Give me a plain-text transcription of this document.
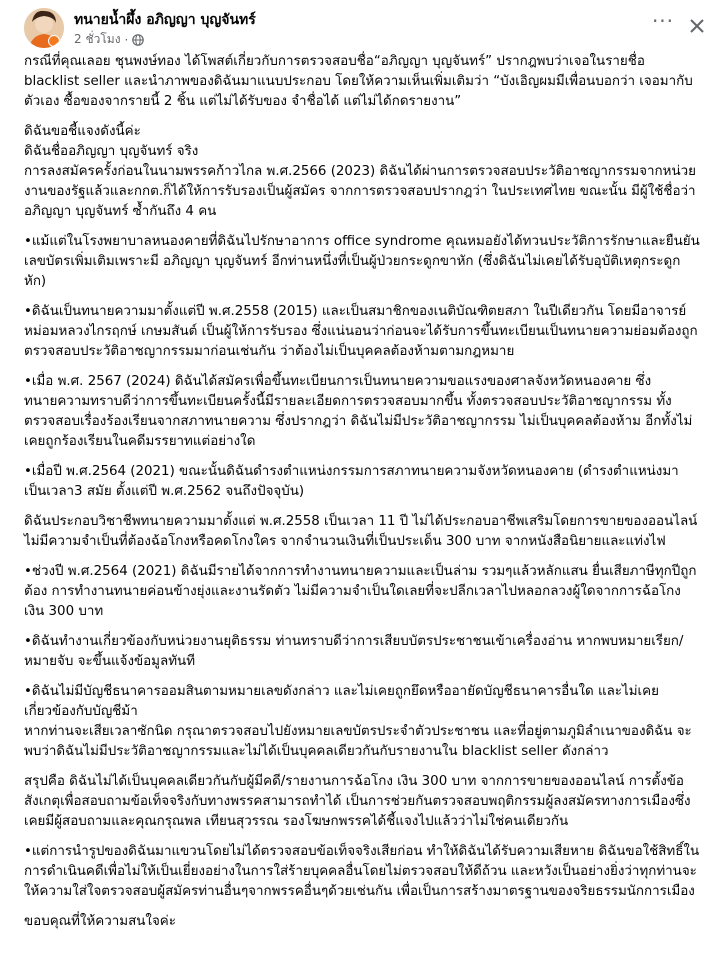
ทนายน้ำผึ้ง อภิญญา บุญจันทร์
2 ชั่วโมง ·
···

กรณีที่คุณเลอย ชุนพงษ์ทอง ได้โพสต์เกี่ยวกับการตรวจสอบชื่อ“อภิญญา บุญจันทร์” ปรากฎพบว่าเจอในรายชื่อ blacklist seller และนำภาพของดิฉันมาแนบประกอบ โดยให้ความเห็นเพิ่มเติมว่า “บังเอิญผมมีเพื่อนบอกว่า เจอมากับตัวเอง ซื้อของจากรายนี้ 2 ชิ้น แต่ไม่ได้รับของ จำชื่อได้ แต่ไม่ได้กดรายงาน”

ดิฉันขอชี้แจงดังนี้ค่ะ
ดิฉันชื่ออภิญญา บุญจันทร์ จริง
การลงสมัครครั้งก่อนในนามพรรคก้าวไกล พ.ศ.2566 (2023) ดิฉันได้ผ่านการตรวจสอบประวัติอาชญากรรมจากหน่วยงานของรัฐแล้วและกกต.ก็ได้ให้การรับรองเป็นผู้สมัคร จากการตรวจสอบปรากฎว่า ในประเทศไทย ขณะนั้น มีผู้ใช้ชื่อว่า อภิญญา บุญจันทร์ ซ้ำกันถึง 4 คน

•แม้แต่ในโรงพยาบาลหนองคายที่ดิฉันไปรักษาอาการ office syndrome คุณหมอยังได้ทวนประวัติการรักษาและยืนยันเลขบัตรเพิ่มเติมเพราะมี อภิญญา บุญจันทร์ อีกท่านหนึ่งที่เป็นผู้ป่วยกระดูกขาหัก (ซึ่งดิฉันไม่เคยได้รับอุบัติเหตุกระดูกหัก)

•ดิฉันเป็นทนายความมาตั้งแต่ปี พ.ศ.2558 (2015) และเป็นสมาชิกของเนติบัณฑิตยสภา ในปีเดียวกัน โดยมีอาจารย์หม่อมหลวงไกรฤกษ์ เกษมสันต์ เป็นผู้ให้การรับรอง ซึ่งแน่นอนว่าก่อนจะได้รับการขึ้นทะเบียนเป็นทนายความย่อมต้องถูกตรวจสอบประวัติอาชญากรรมมาก่อนเช่นกัน ว่าต้องไม่เป็นบุคคลต้องห้ามตามกฎหมาย

•เมื่อ พ.ศ. 2567 (2024) ดิฉันได้สมัครเพื่อขึ้นทะเบียนการเป็นทนายความขอแรงของศาลจังหวัดหนองคาย ซึ่งทนายความทราบดีว่าการขึ้นทะเบียนครั้งนี้มีรายละเอียดการตรวจสอบมากขึ้น ทั้งตรวจสอบประวัติอาชญากรรม ทั้งตรวจสอบเรื่องร้องเรียนจากสภาทนายความ ซึ่งปรากฎว่า ดิฉันไม่มีประวัติอาชญากรรม ไม่เป็นบุคคลต้องห้าม อีกทั้งไม่เคยถูกร้องเรียนในคดีมรรยาทแต่อย่างใด

•เมื่อปี พ.ศ.2564 (2021) ขณะนั้นดิฉันดำรงตำแหน่งกรรมการสภาทนายความจังหวัดหนองคาย (ดำรงตำแหน่งมาเป็นเวลา3 สมัย ตั้งแต่ปี พ.ศ.2562 จนถึงปัจจุบัน)

ดิฉันประกอบวิชาชีพทนายความมาตั้งแต่ พ.ศ.2558 เป็นเวลา 11 ปี ไม่ได้ประกอบอาชีพเสริมโดยการขายของออนไลน์ ไม่มีความจำเป็นที่ต้องฉ้อโกงหรือคดโกงใคร จากจำนวนเงินที่เป็นประเด็น 300 บาท จากหนังสือนิยายและแท่งไฟ

•ช่วงปี พ.ศ.2564 (2021) ดิฉันมีรายได้จากการทำงานทนายความและเป็นล่าม รวมๆแล้วหลักแสน ยื่นเสียภาษีทุกปีถูกต้อง การทำงานทนายค่อนข้างยุ่งและงานรัดตัว ไม่มีความจำเป็นใดเลยที่จะปลีกเวลาไปหลอกลวงผู้ใดจากการฉ้อโกงเงิน 300 บาท

•ดิฉันทำงานเกี่ยวข้องกับหน่วยงานยุติธรรม ท่านทราบดีว่าการเสียบบัตรประชาชนเข้าเครื่องอ่าน หากพบหมายเรียก/หมายจับ จะขึ้นแจ้งข้อมูลทันที

•ดิฉันไม่มีบัญชีธนาคารออมสินตามหมายเลขดังกล่าว และไม่เคยถูกยึดหรืออายัดบัญชีธนาคารอื่นใด และไม่เคยเกี่ยวข้องกับบัญชีม้า
หากท่านจะเสียเวลาซักนิด กรุณาตรวจสอบไปยังหมายเลขบัตรประจำตัวประชาชน และที่อยู่ตามภูมิลำเนาของดิฉัน จะพบว่าดิฉันไม่มีประวัติอาชญากรรมและไม่ได้เป็นบุคคลเดียวกันกับรายงานใน blacklist seller ดังกล่าว

สรุปคือ ดิฉันไม่ได้เป็นบุคคลเดียวกันกับผู้มีคดี/รายงานการฉ้อโกง เงิน 300 บาท จากการขายของออนไลน์ การตั้งข้อสังเกตุเพื่อสอบถามข้อเท็จจริงกับทางพรรคสามารถทำได้ เป็นการช่วยกันตรวจสอบพฤติกรรมผู้ลงสมัครทางการเมืองซึ่งเคยมีผู้สอบถามและคุณกรุณพล เทียนสุวรรณ รองโฆษกพรรคได้ชี้แจงไปแล้วว่าไม่ใช่คนเดียวกัน

•แต่การนำรูปของดิฉันมาแขวนโดยไม่ได้ตรวจสอบข้อเท็จจริงเสียก่อน ทำให้ดิฉันได้รับความเสียหาย ดิฉันขอใช้สิทธิ์ในการดำเนินคดีเพื่อไม่ให้เป็นเยี่ยงอย่างในการใส่ร้ายบุคคลอื่นโดยไม่ตรวจสอบให้ดีถ้วน และหวังเป็นอย่างยิ่งว่าทุกท่านจะให้ความใส่ใจตรวจสอบผู้สมัครท่านอื่นๆจากพรรคอื่นๆด้วยเช่นกัน เพื่อเป็นการสร้างมาตรฐานของจริยธรรมนักการเมือง

ขอบคุณที่ให้ความสนใจค่ะ
